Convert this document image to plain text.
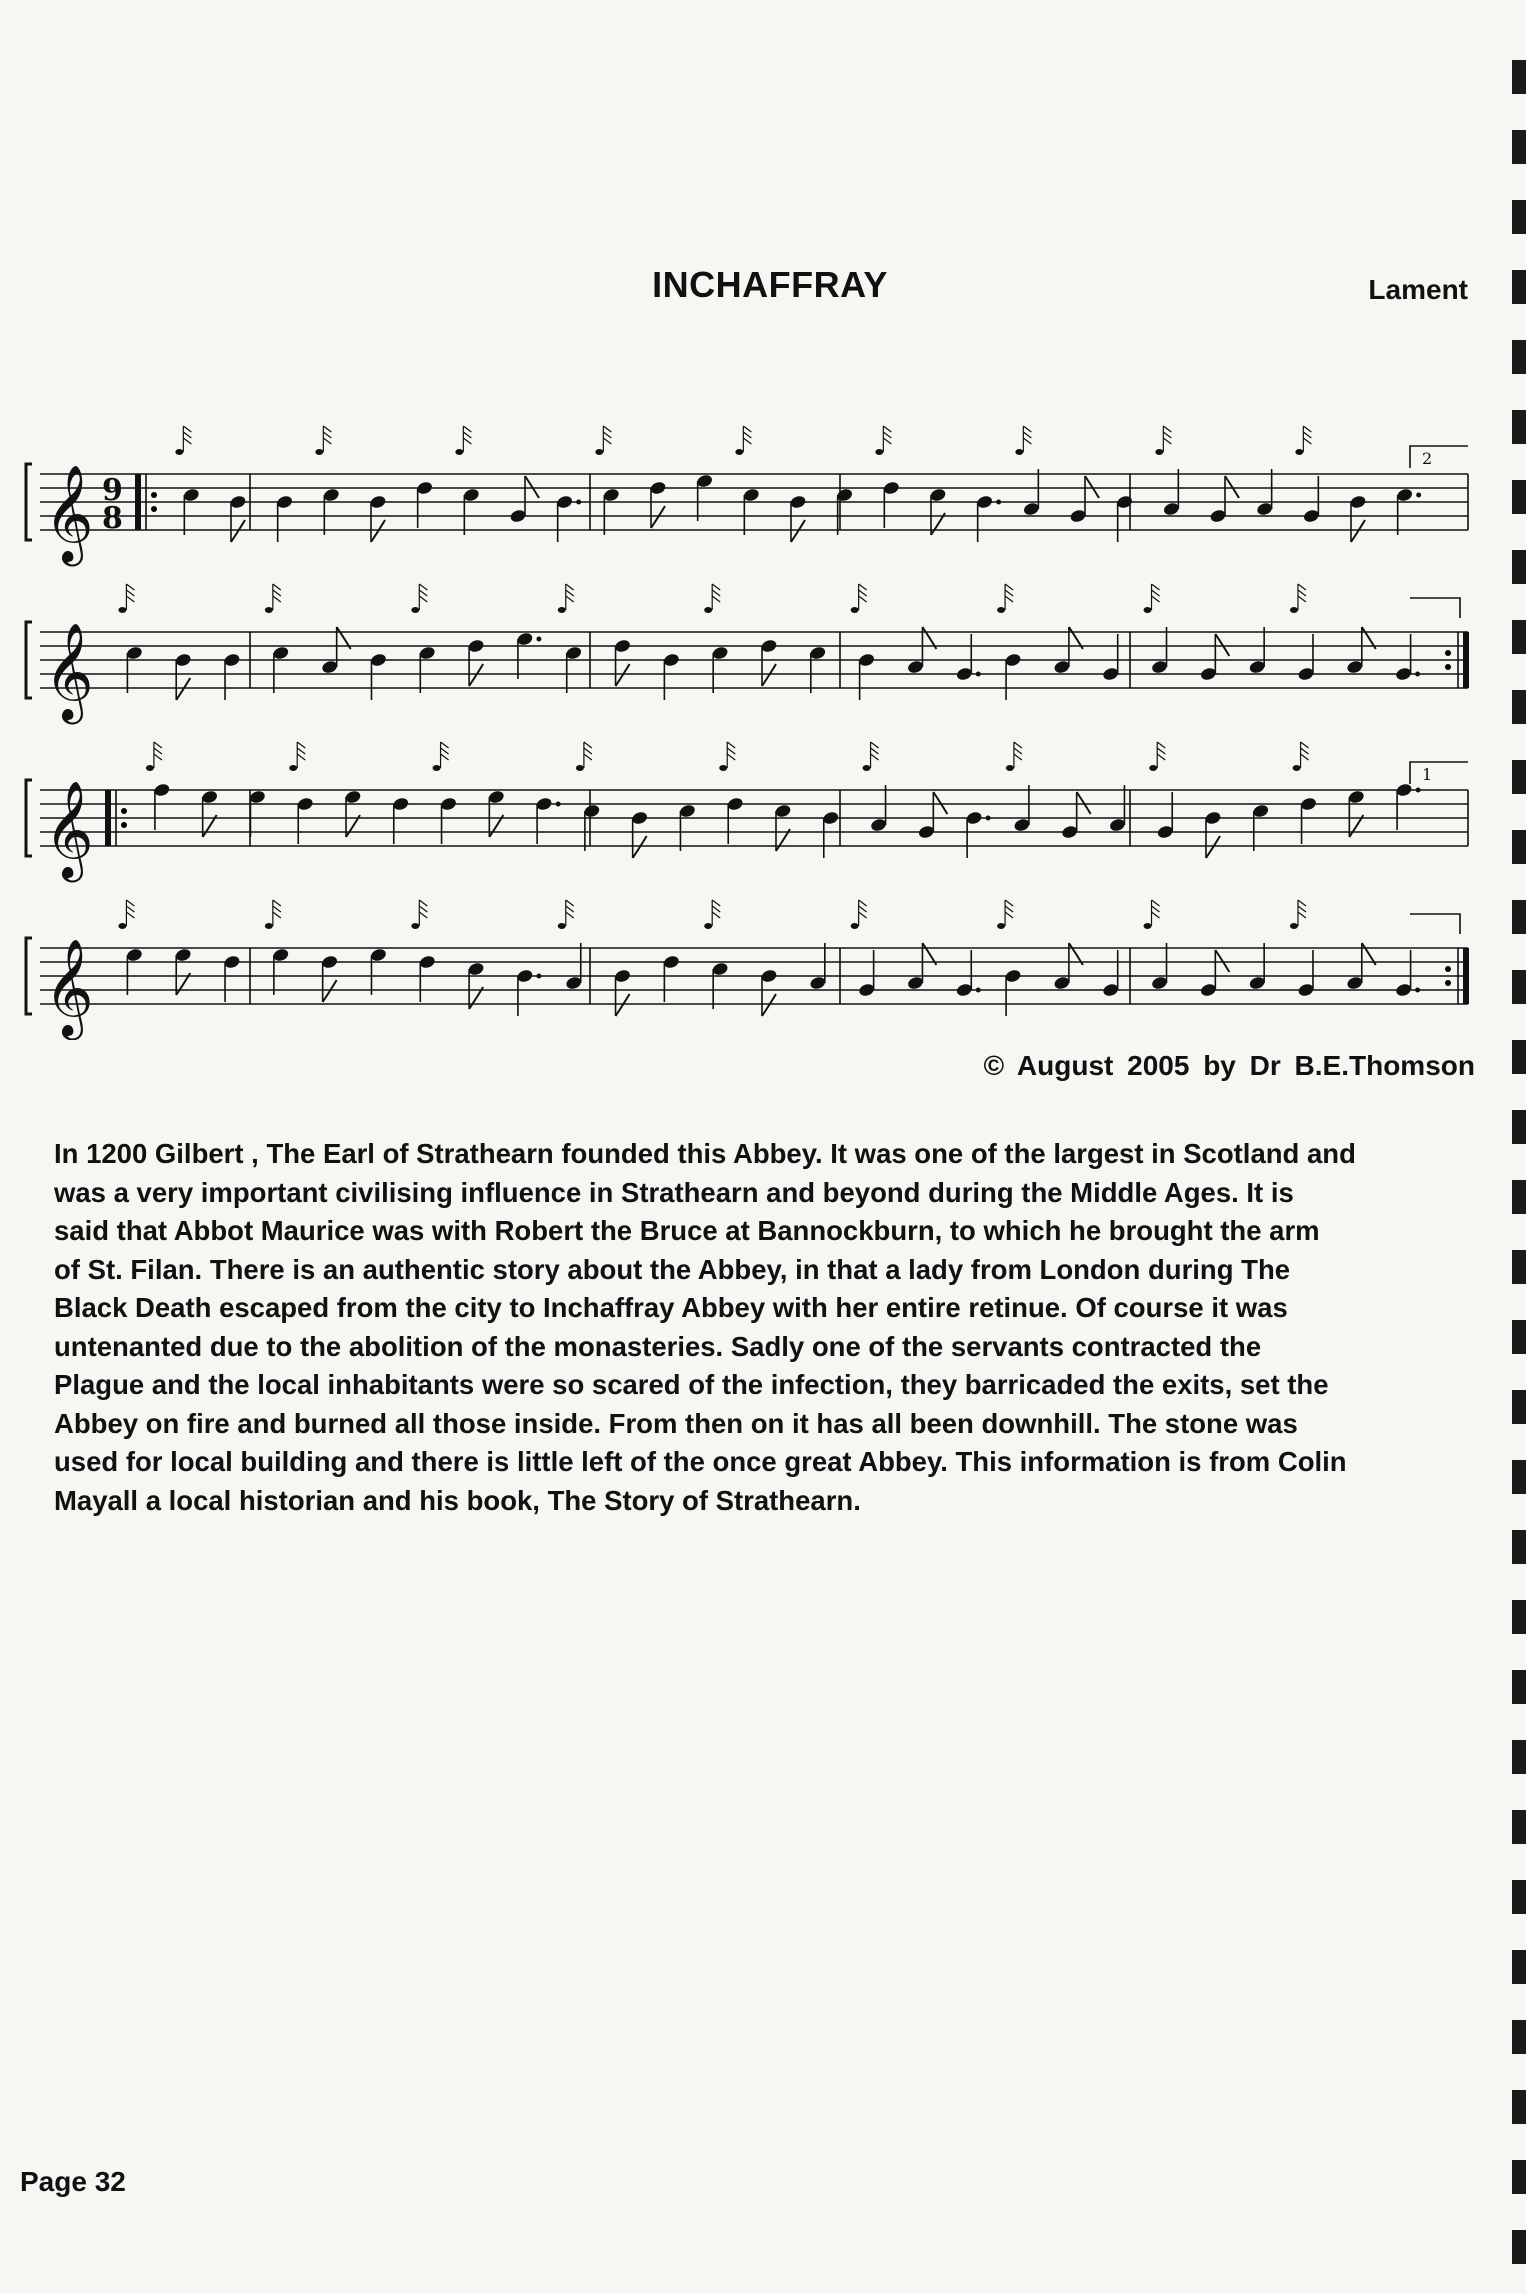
INCHAFFRAY	Lament
𝄞 9
8
2
𝄞
𝄞
1
𝄞
© August 2005 by Dr B.E.Thomson
In 1200 Gilbert , The Earl of Strathearn founded this Abbey. It was one of the largest in Scotland and
was a very important civilising influence in Strathearn and beyond during the Middle Ages. It is
said that Abbot Maurice was with Robert the Bruce at Bannockburn, to which he brought the arm
of St. Filan. There is an authentic story about the Abbey, in that a lady from London during The
Black Death escaped from the city to Inchaffray Abbey with her entire retinue. Of course it was
untenanted due to the abolition of the monasteries. Sadly one of the servants contracted the
Plague and the local inhabitants were so scared of the infection, they barricaded the exits, set the
Abbey on fire and burned all those inside. From then on it has all been downhill. The stone was
used for local building and there is little left of the once great Abbey. This information is from Colin
Mayall a local historian and his book, The Story of Strathearn.
Page 32
